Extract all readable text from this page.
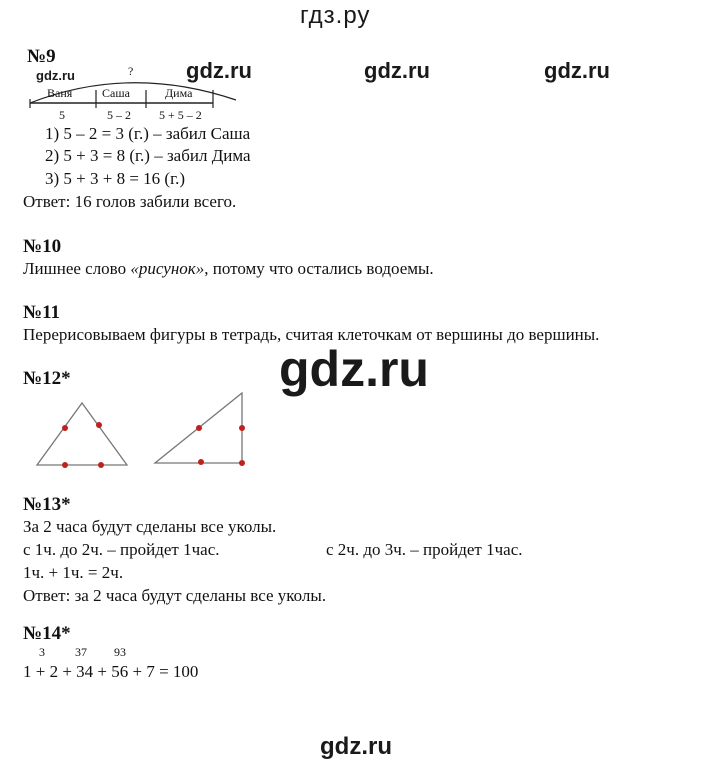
гдз.ру
№9
gdz.ru	gdz.ru	gdz.ru	gdz.ru
?
Ваня Саша	Дима
5	5 – 2 5 + 5 – 2
1) 5 – 2 = 3 (г.) – забил Саша
2) 5 + 3 = 8 (г.) – забил Дима
3) 5 + 3 + 8 = 16 (г.)
Ответ: 16 голов забили всего.
№10
Лишнее слово «рисунок», потому что остались водоемы.
№11
Перерисовываем фигуры в тетрадь, считая клеточкам от вершины до вершины.
gdz.ru
№12*
№13*
За 2 часа будут сделаны все уколы.
с 1ч. до 2ч. – пройдет 1час.	с 2ч. до 3ч. – пройдет 1час.
1ч. + 1ч. = 2ч.
Ответ: за 2 часа будут сделаны все уколы.
№14*
3	37 93
1 + 2 + 34 + 56 + 7 = 100
gdz.ru
